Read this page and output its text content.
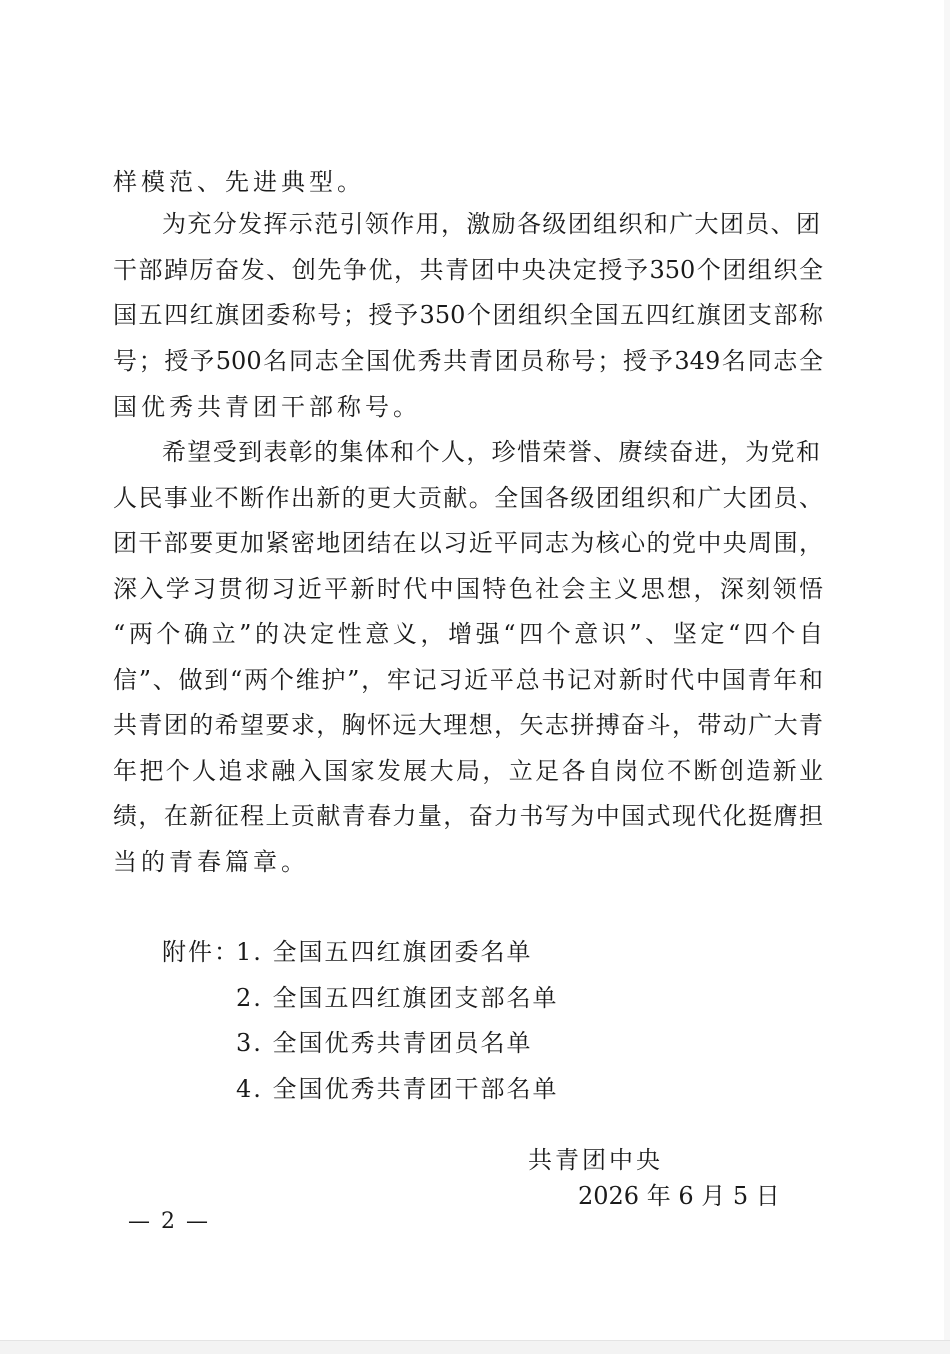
样模范、先进典型。
为充分发挥示范引领作用，激励各级团组织和广大团员、团
干部踔厉奋发、创先争优，共青团中央决定授予350个团组织全
国五四红旗团委称号；授予350个团组织全国五四红旗团支部称
号；授予500名同志全国优秀共青团员称号；授予349名同志全
国优秀共青团干部称号。
希望受到表彰的集体和个人，珍惜荣誉、赓续奋进，为党和
人民事业不断作出新的更大贡献。全国各级团组织和广大团员、
团干部要更加紧密地团结在以习近平同志为核心的党中央周围，
深入学习贯彻习近平新时代中国特色社会主义思想，深刻领悟
“两个确立”的决定性意义，增强“四个意识”、坚定“四个自
信”、做到“两个维护”，牢记习近平总书记对新时代中国青年和
共青团的希望要求，胸怀远大理想，矢志拼搏奋斗，带动广大青
年把个人追求融入国家发展大局，立足各自岗位不断创造新业
绩，在新征程上贡献青春力量，奋力书写为中国式现代化挺膺担
当的青春篇章。
附件：
1. 全国五四红旗团委名单
2. 全国五四红旗团支部名单
3. 全国优秀共青团员名单
4. 全国优秀共青团干部名单
共青团中央
2026 年 6 月 5 日
— 2 —
